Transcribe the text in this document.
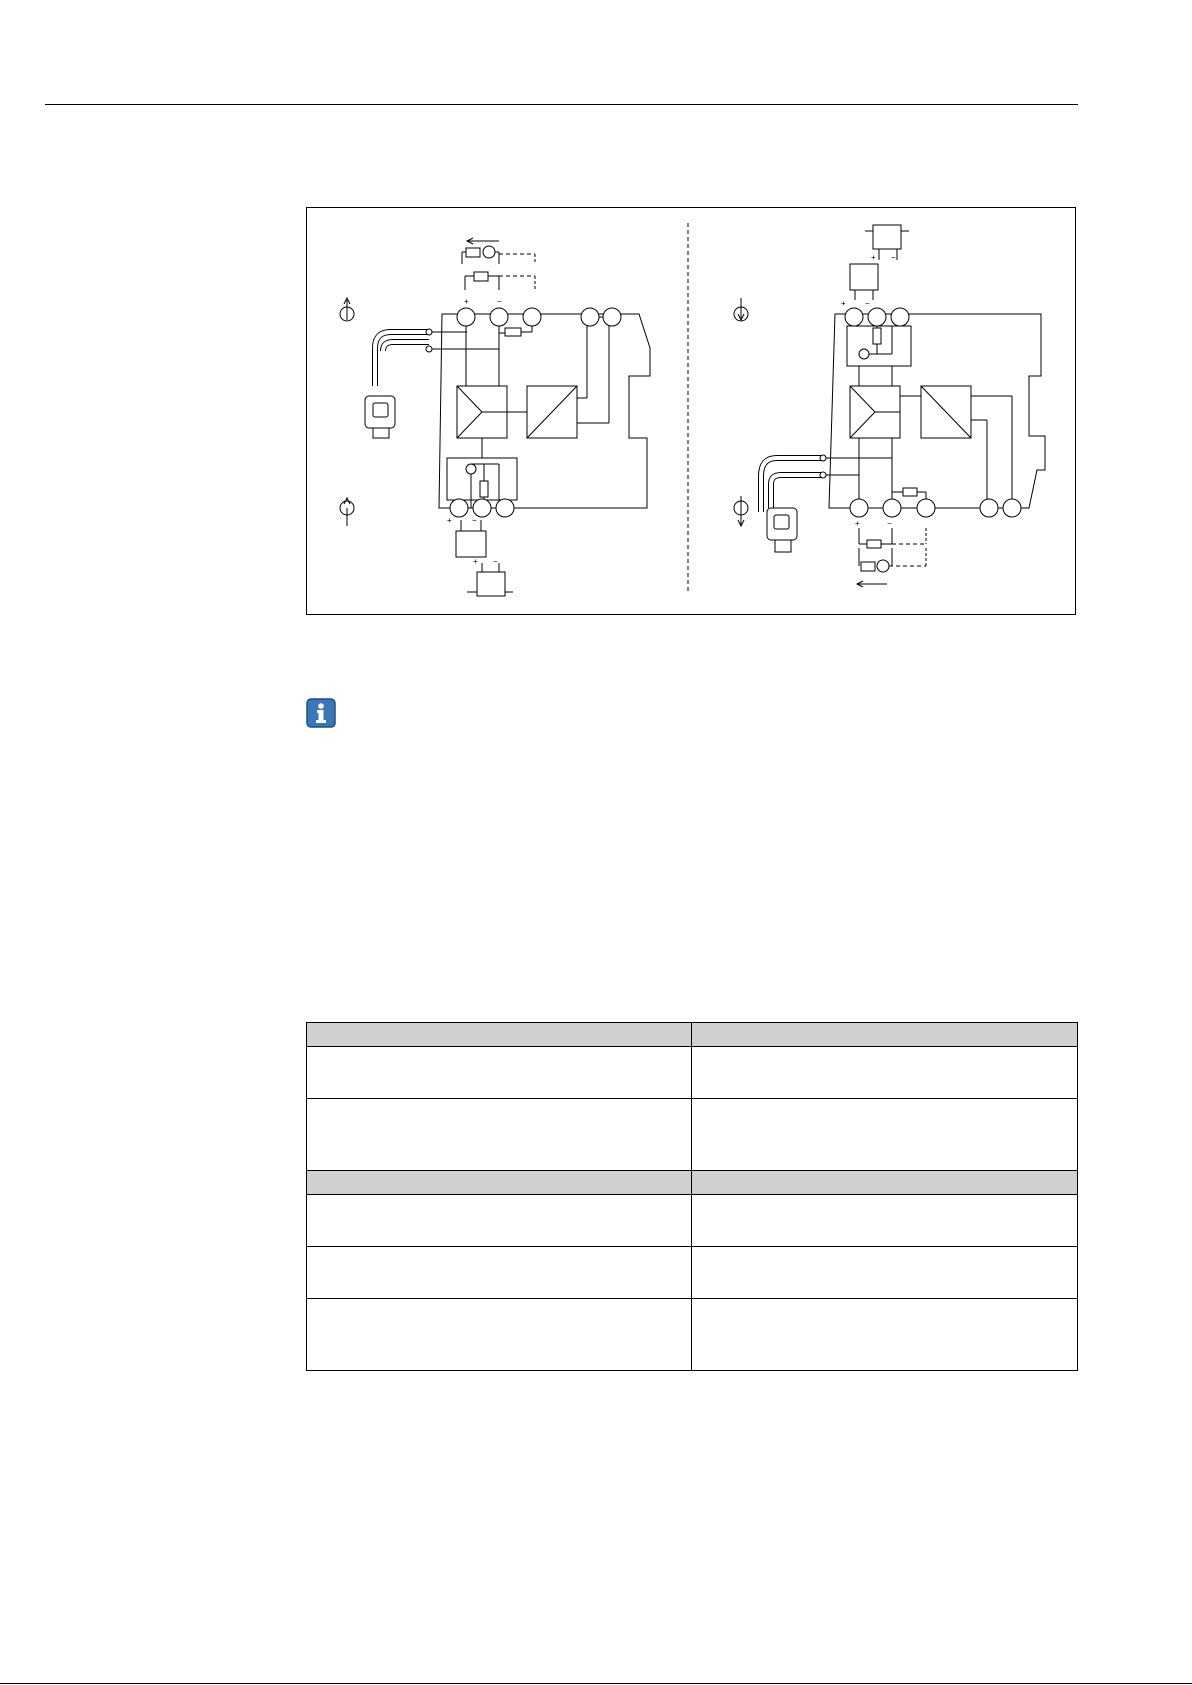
+	−
+	−
+ −
+ −
+ −
+	−
